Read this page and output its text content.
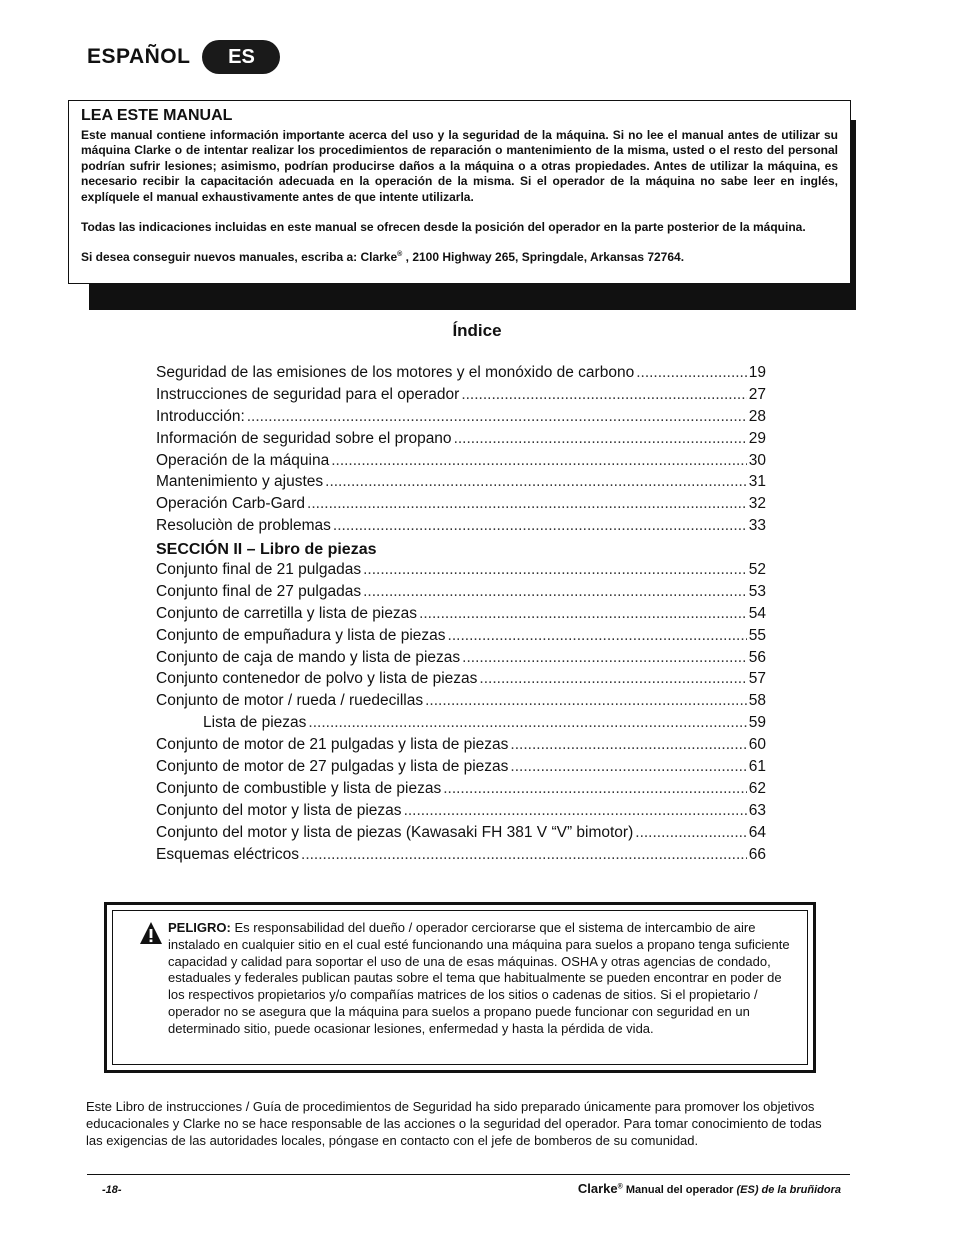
ESPAÑOL	ES

LEA ESTE MANUAL

Este manual contiene información importante acerca del uso y la seguridad de la máquina. Si no lee el manual antes de utilizar su máquina Clarke o de intentar realizar los procedimientos de reparación o mantenimiento de la misma, usted o el resto del personal podrían sufrir lesiones; asimismo, podrían producirse daños a la máquina o a otras propiedades. Antes de utilizar la máquina, es necesario recibir la capacitación adecuada en la operación de la misma. Si el operador de la máquina no sabe leer en inglés, explíquele el manual exhaustivamente antes de que intente utilizarla.

Todas las indicaciones incluidas en este manual se ofrecen desde la posición del operador en la parte posterior de la máquina.

Si desea conseguir nuevos manuales, escriba a: Clarke® , 2100 Highway 265, Springdale, Arkansas 72764.

Índice
Seguridad de las emisiones de los motores y el monóxido de carbono .....	19
Instrucciones de seguridad para el operador .....	27
Introducción: .....	28
Información de seguridad sobre el propano .....	29
Operación de la máquina .....	30
Mantenimiento y ajustes .....	31
Operación Carb-Gard .....	32
Resoluciòn de problemas .....	33
SECCIÓN II – Libro de piezas
Conjunto final de 21 pulgadas .....	52
Conjunto final de 27 pulgadas .....	53
Conjunto de carretilla y lista de piezas .....	54
Conjunto de empuñadura y lista de piezas .....	55
Conjunto de caja de mando y lista de piezas .....	56
Conjunto contenedor de polvo y lista de piezas .....	57
Conjunto de motor / rueda / ruedecillas .....	58
Lista de piezas .....	59
Conjunto de motor de 21 pulgadas y lista de piezas .....	60
Conjunto de motor de 27 pulgadas y lista de piezas .....	61
Conjunto de combustible y lista de piezas .....	62
Conjunto del motor y lista de piezas .....	63
Conjunto del motor y lista de piezas (Kawasaki FH 381 V “V” bimotor) .....	64
Esquemas eléctricos .....	66

PELIGRO: Es responsabilidad del dueño / operador cerciorarse que el sistema de intercambio de aire instalado en cualquier sitio en el cual esté funcionando una máquina para suelos a propano tenga suficiente capacidad y calidad para soportar el uso de una de esas máquinas. OSHA y otras agencias de condado, estaduales y federales publican pautas sobre el tema que habitualmente se pueden encontrar en poder de los respectivos propietarios y/o compañías matrices de los sitios o cadenas de sitios. Si el propietario / operador no se asegura que la máquina para suelos a propano puede funcionar con seguridad en un determinado sitio, puede ocasionar lesiones, enfermedad y hasta la pérdida de vida.

Este Libro de instrucciones / Guía de procedimientos de Seguridad ha sido preparado únicamente para promover los objetivos educacionales y Clarke no se hace responsable de las acciones o la seguridad del operador. Para tomar conocimiento de todas las exigencias de las autoridades locales, póngase en contacto con el jefe de bomberos de su comunidad.

-18-	Clarke® Manual del operador (ES) de la bruñidora
